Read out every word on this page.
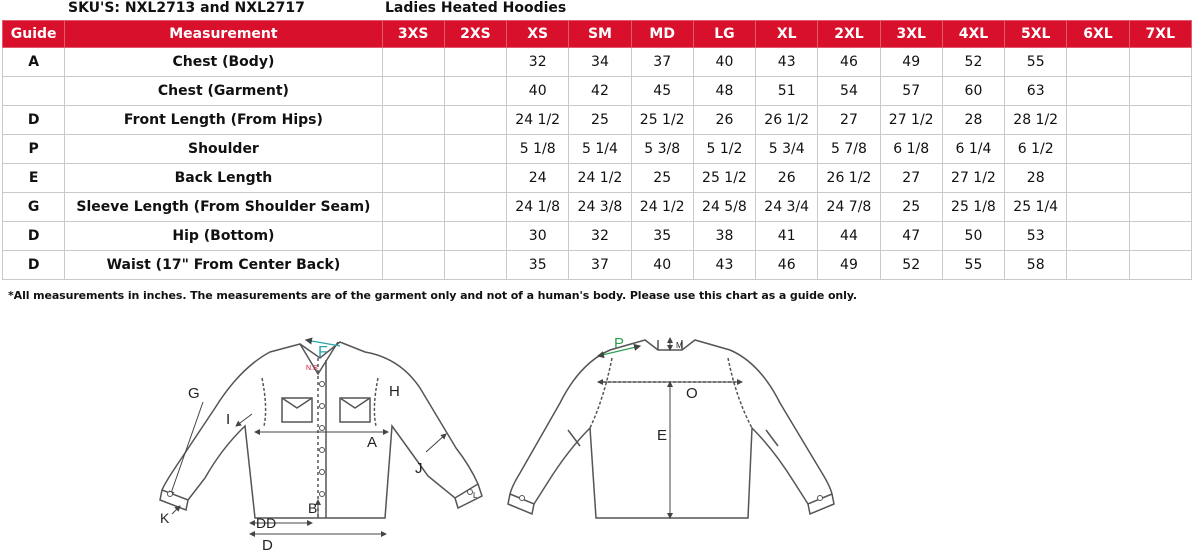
SKU'S: NXL2713 and NXL2717	Ladies Heated Hoodies
Guide	Measurement	3XS	2XS	XS	SM	MD	LG	XL	2XL	3XL	4XL	5XL	6XL	7XL
A	Chest (Body)			32	34	37	40	43	46	49	52	55		
	Chest (Garment)			40	42	45	48	51	54	57	60	63		
D	Front Length (From Hips)			24 1/2	25	25 1/2	26	26 1/2	27	27 1/2	28	28 1/2		
P	Shoulder			5 1/8	5 1/4	5 3/8	5 1/2	5 3/4	5 7/8	6 1/8	6 1/4	6 1/2		
E	Back Length			24	24 1/2	25	25 1/2	26	26 1/2	27	27 1/2	28		
G	Sleeve Length (From Shoulder Seam)			24 1/8	24 3/8	24 1/2	24 5/8	24 3/4	24 7/8	25	25 1/8	25 1/4		
D	Hip (Bottom)			30	32	35	38	41	44	47	50	53		
D	Waist (17" From Center Back)			35	37	40	43	46	49	52	55	58		
*All measurements in inches. The measurements are of the garment only and not of a human's body. Please use this chart as a guide only.
F
N.S
G
I
H
A
J
L
B
K	DD
D
P	M
O
E
